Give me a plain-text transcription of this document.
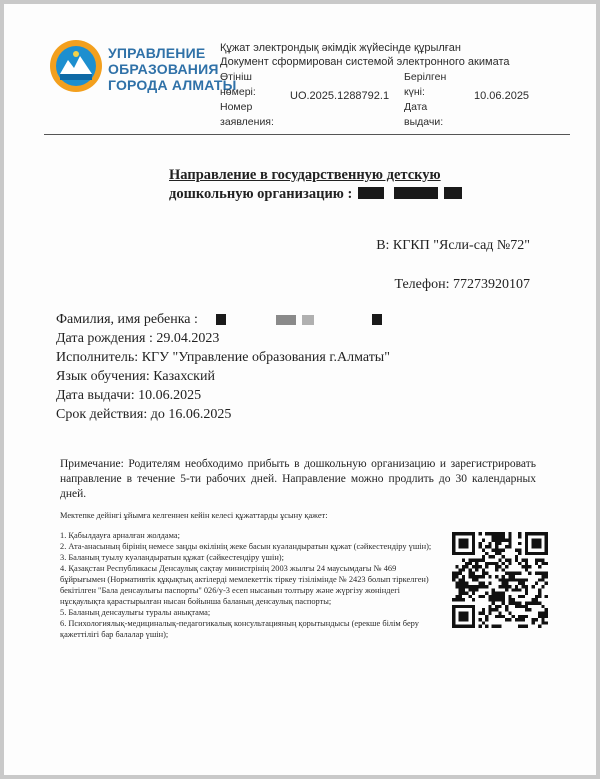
УПРАВЛЕНИЕ
ОБРАЗОВАНИЯ
ГОРОДА АЛМАТЫ
Құжат электрондық әкімдік жүйесінде құрылған
Документ сформирован системой электронного акимата
Өтініш
нөмері:
Номер
заявления:
UO.2025.1288792.1
Берілген
күні:
Дата
выдачи:
10.06.2025
Направление в государственную детскую
дошкольную организацию :
В: КГКП "Ясли-сад №72"
Телефон: 77273920107
Фамилия, имя ребенка :
Дата рождения : 29.04.2023
Исполнитель: КГУ "Управление образования г.Алматы"
Язык обучения: Казахский
Дата выдачи: 10.06.2025
Срок действия: до 16.06.2025
Примечание: Родителям необходимо прибыть в дошкольную организацию и зарегистрировать направление в течение 5-ти рабочих дней. Направление можно продлить до 30 календарных дней.
Мектепке дейінгі ұйымға келгеннен кейін келесі құжаттарды ұсыну қажет:
1. Қабылдауға арналған жолдама;
2. Ата-анасының бірінің немесе заңды өкілінің жеке басын куәландыратын құжат (сәйкестендіру үшін);
3. Баланың туылу куәландыратын құжат (сәйкестендіру үшін);
4. Қазақстан Республикасы Денсаулық сақтау министрінің 2003 жылғы 24 маусымдағы № 469 бұйрығымен (Нормативтік құқықтық актілерді мемлекеттік тіркеу тізілімінде № 2423 болып тіркелген) бекітілген "Бала денсаулығы паспорты" 026/у-3 есеп нысанын толтыру және жүргізу жөніндегі нұсқаулықта қарастырылған нысан бойынша баланың денсаулық паспорты;
5. Баланың денсаулығы туралы анықтама;
6. Психологиялық-медициналық-педагогикалық консультацияның қорытындысы (ерекше білім беру қажеттілігі бар балалар үшін);
